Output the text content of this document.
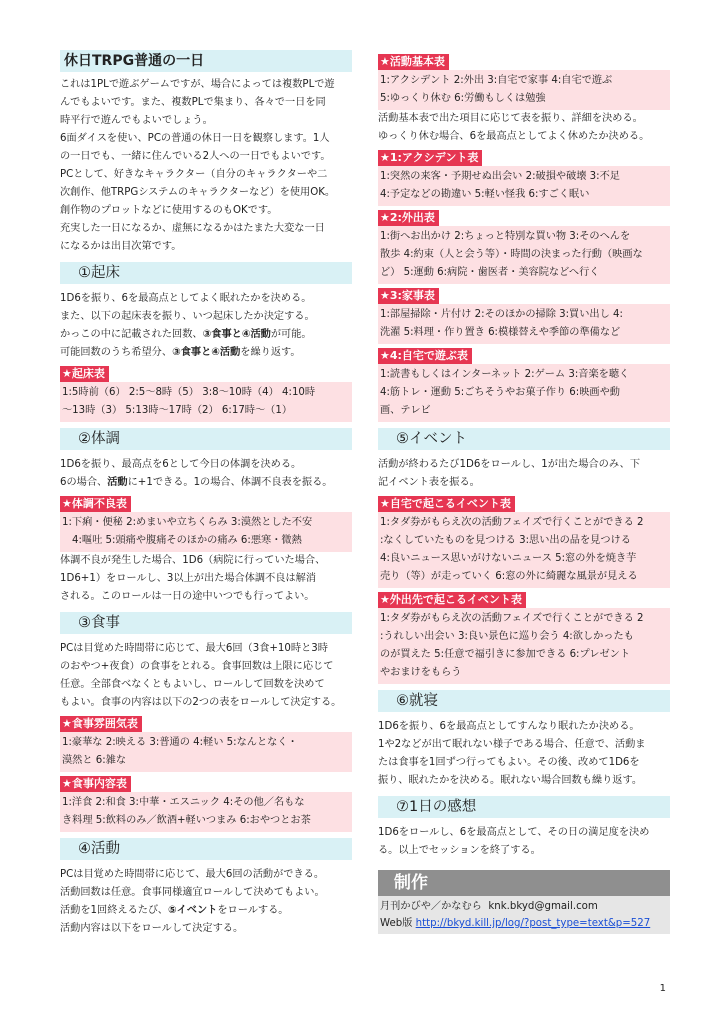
休日TRPG普通の一日

これは1PLで遊ぶゲームですが、場合によっては複数PLで遊

んでもよいです。また、複数PLで集まり、各々で一日を同

時平行で遊んでもよいでしょう。

6面ダイスを使い、PCの普通の休日一日を観察します。1人

の一日でも、一緒に住んでいる2人への一日でもよいです。

PCとして、好きなキャラクター（自分のキャラクターや二

次創作、他TRPGシステムのキャラクターなど）を使用OK。

創作物のプロットなどに使用するのもOKです。

充実した一日になるか、虚無になるかはたまた大変な一日

になるかは出目次第です。

①起床

1D6を振り、6を最高点としてよく眠れたかを決める。

また、以下の起床表を振り、いつ起床したか決定する。

かっこの中に記載された回数、③食事と④活動が可能。

可能回数のうち希望分、③食事と④活動を繰り返す。

★起床表
1:5時前（6） 2:5〜8時（5） 3:8〜10時（4） 4:10時
〜13時（3） 5:13時〜17時（2） 6:17時〜（1）
②体調

1D6を振り、最高点を6として今日の体調を決める。

6の場合、活動に+1できる。1の場合、体調不良表を振る。

★体調不良表
1:下痢・便秘 2:めまいや立ちくらみ 3:漠然とした不安
4:嘔吐 5:頭痛や腹痛そのほかの痛み 6:悪寒・微熱

体調不良が発生した場合、1D6（病院に行っていた場合、

1D6+1）をロールし、3以上が出た場合体調不良は解消

される。このロールは一日の途中いつでも行ってよい。

③食事

PCは目覚めた時間帯に応じて、最大6回（3食+10時と3時

のおやつ+夜食）の食事をとれる。食事回数は上限に応じて

任意。全部食べなくともよいし、ロールして回数を決めて

もよい。食事の内容は以下の2つの表をロールして決定する。

★食事雰囲気表
1:豪華な 2:映える 3:普通の 4:軽い 5:なんとなく・
漠然と 6:雑な
★食事内容表
1:洋食 2:和食 3:中華・エスニック 4:その他／名もな
き料理 5:飲料のみ／飲酒+軽いつまみ 6:おやつとお茶
④活動

PCは目覚めた時間帯に応じて、最大6回の活動ができる。

活動回数は任意。食事同様適宜ロールして決めてもよい。

活動を1回終えるたび、⑤イベントをロールする。

活動内容は以下をロールして決定する。

★活動基本表
1:アクシデント 2:外出 3:自宅で家事 4:自宅で遊ぶ
5:ゆっくり休む 6:労働もしくは勉強

活動基本表で出た項目に応じて表を振り、詳細を決める。

ゆっくり休む場合、6を最高点としてよく休めたか決める。

★1:アクシデント表
1:突然の来客・予期せぬ出会い 2:破損や破壊 3:不足
4:予定などの勘違い 5:軽い怪我 6:すごく眠い
★2:外出表
1:街へお出かけ 2:ちょっと特別な買い物 3:そのへんを
散歩 4:約束（人と会う等）・時間の決まった行動（映画な
ど） 5:運動 6:病院・歯医者・美容院などへ行く
★3:家事表
1:部屋掃除・片付け 2:そのほかの掃除 3:買い出し 4:
洗濯 5:料理・作り置き 6:模様替えや季節の準備など
★4:自宅で遊ぶ表
1:読書もしくはインターネット 2:ゲーム 3:音楽を聴く
4:筋トレ・運動 5:ごちそうやお菓子作り 6:映画や動
画、テレビ
⑤イベント

活動が終わるたび1D6をロールし、1が出た場合のみ、下

記イベント表を振る。

★自宅で起こるイベント表
1:タダ券がもらえ次の活動フェイズで行くことができる 2
:なくしていたものを見つける 3:思い出の品を見つける
4:良いニュース思いがけないニュース 5:窓の外を焼き芋
売り（等）が走っていく 6:窓の外に綺麗な風景が見える
★外出先で起こるイベント表
1:タダ券がもらえ次の活動フェイズで行くことができる 2
:うれしい出会い 3:良い景色に巡り会う 4:欲しかったも
のが買えた 5:任意で福引きに参加できる 6:プレゼント
やおまけをもらう
⑥就寝

1D6を振り、6を最高点としてすんなり眠れたか決める。

1や2などが出て眠れない様子である場合、任意で、活動ま

たは食事を1回ずつ行ってもよい。その後、改めて1D6を

振り、眠れたかを決める。眠れない場合回数も繰り返す。

⑦1日の感想

1D6をロールし、6を最高点として、その日の満足度を決め

る。以上でセッションを終了する。

制作
月刊かびや／かなむら knk.bkyd@gmail.com
Web版 http://bkyd.kill.jp/log/?post_type=text&p=527
1
